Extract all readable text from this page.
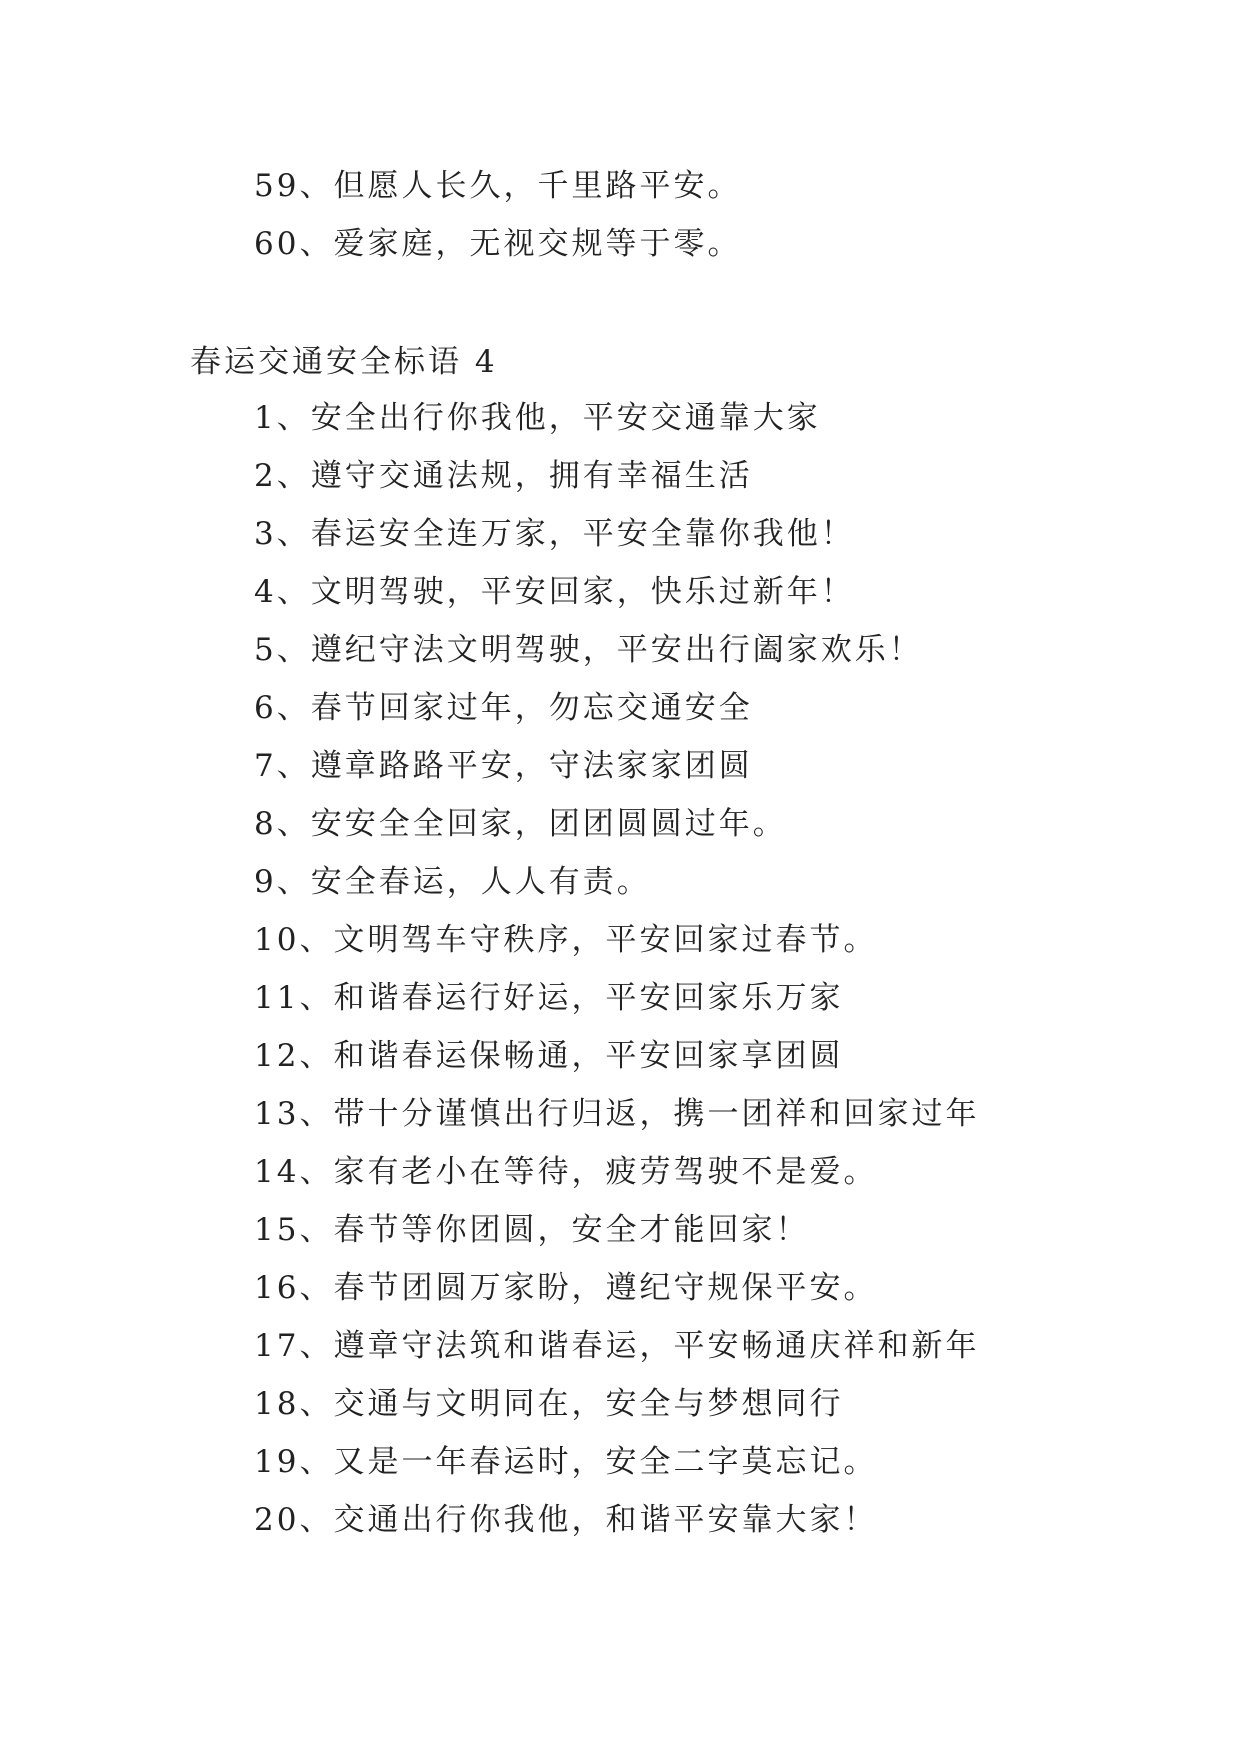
59、但愿人长久，千里路平安。
60、爱家庭，无视交规等于零。
春运交通安全标语 4
1、安全出行你我他，平安交通靠大家
2、遵守交通法规，拥有幸福生活
3、春运安全连万家，平安全靠你我他！
4、文明驾驶，平安回家，快乐过新年！
5、遵纪守法文明驾驶，平安出行阖家欢乐！
6、春节回家过年，勿忘交通安全
7、遵章路路平安，守法家家团圆
8、安安全全回家，团团圆圆过年。
9、安全春运，人人有责。
10、文明驾车守秩序，平安回家过春节。
11、和谐春运行好运，平安回家乐万家
12、和谐春运保畅通，平安回家享团圆
13、带十分谨慎出行归返，携一团祥和回家过年
14、家有老小在等待，疲劳驾驶不是爱。
15、春节等你团圆，安全才能回家！
16、春节团圆万家盼，遵纪守规保平安。
17、遵章守法筑和谐春运，平安畅通庆祥和新年
18、交通与文明同在，安全与梦想同行
19、又是一年春运时，安全二字莫忘记。
20、交通出行你我他，和谐平安靠大家！
